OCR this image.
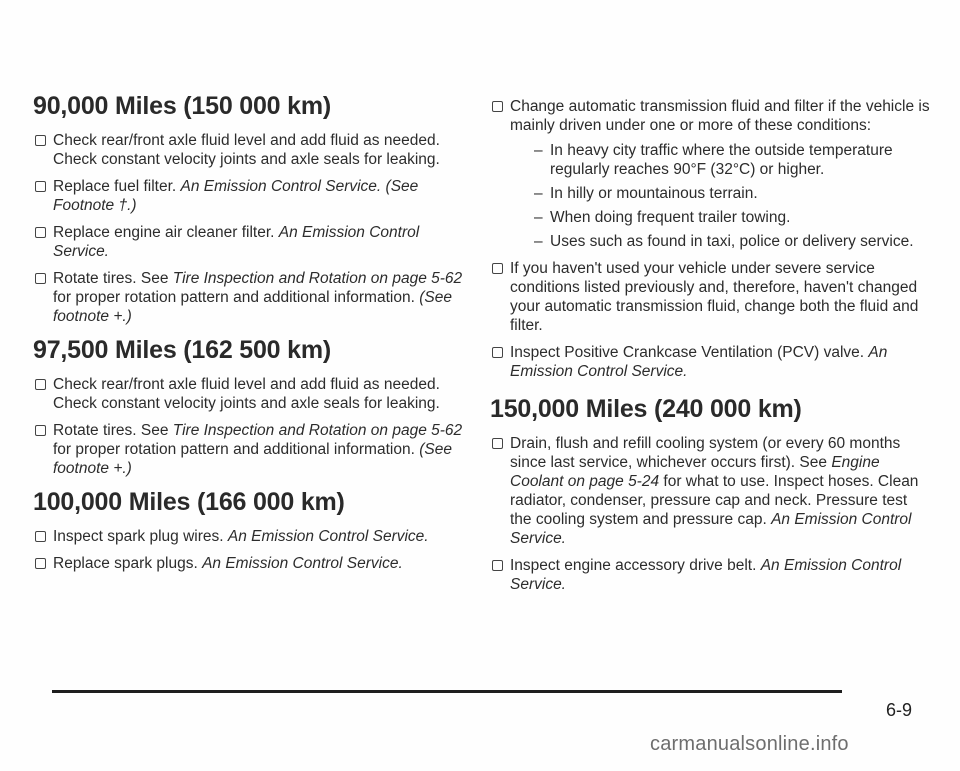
90,000 Miles (150 000 km)
Check rear/front axle fluid level and add fluid as needed. Check constant velocity joints and axle seals for leaking.
Replace fuel filter. An Emission Control Service. (See Footnote †.)
Replace engine air cleaner filter. An Emission Control Service.
Rotate tires. See Tire Inspection and Rotation on page 5-62 for proper rotation pattern and additional information. (See footnote +.)
97,500 Miles (162 500 km)
Check rear/front axle fluid level and add fluid as needed. Check constant velocity joints and axle seals for leaking.
Rotate tires. See Tire Inspection and Rotation on page 5-62 for proper rotation pattern and additional information. (See footnote +.)
100,000 Miles (166 000 km)
Inspect spark plug wires. An Emission Control Service.
Replace spark plugs. An Emission Control Service.
Change automatic transmission fluid and filter if the vehicle is mainly driven under one or more of these conditions:
– In heavy city traffic where the outside temperature regularly reaches 90°F (32°C) or higher.
– In hilly or mountainous terrain.
– When doing frequent trailer towing.
– Uses such as found in taxi, police or delivery service.
If you haven't used your vehicle under severe service conditions listed previously and, therefore, haven't changed your automatic transmission fluid, change both the fluid and filter.
Inspect Positive Crankcase Ventilation (PCV) valve. An Emission Control Service.
150,000 Miles (240 000 km)
Drain, flush and refill cooling system (or every 60 months since last service, whichever occurs first). See Engine Coolant on page 5-24 for what to use. Inspect hoses. Clean radiator, condenser, pressure cap and neck. Pressure test the cooling system and pressure cap. An Emission Control Service.
Inspect engine accessory drive belt. An Emission Control Service.
6-9
carmanualsonline.info
